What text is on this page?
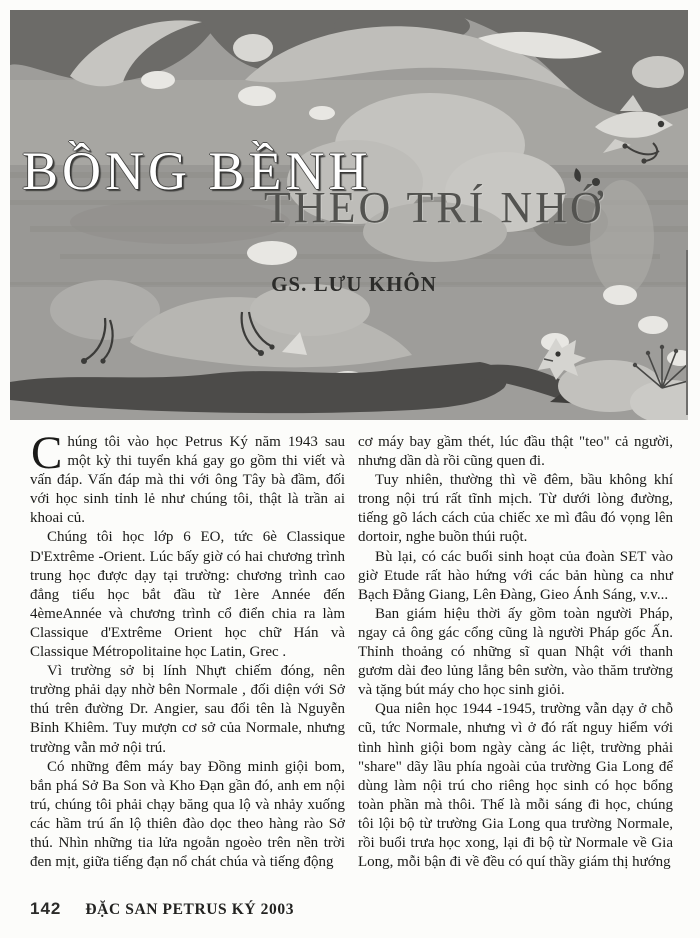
BỒNG BỀNH
THEO TRÍ NHỚ
GS. LƯU KHÔN

Chúng tôi vào học Petrus Ký năm 1943 sau một kỳ thi tuyển khá gay go gồm thi viết và vấn đáp. Vấn đáp mà thi với ông Tây bà đầm, đối với học sinh tỉnh lẻ như chúng tôi, thật là trần ai khoai củ.

Chúng tôi học lớp 6 EO, tức 6è Classique D'Extrême -Orient. Lúc bấy giờ có hai chương trình trung học được dạy tại trường: chương trình cao đẳng tiểu học bắt đầu từ 1ère Année đến 4èmeAnnée và chương trình cổ điển chia ra làm Classique d'Extrême Orient học chữ Hán và Classique Métropolitaine học Latin, Grec .

Vì trường sở bị lính Nhựt chiếm đóng, nên trường phải dạy nhờ bên Normale , đối diện với Sở thú trên đường Dr. Angier, sau đổi tên là Nguyễn Bỉnh Khiêm. Tuy mượn cơ sở của Normale, nhưng trường vẫn mở nội trú.

Có những đêm máy bay Đồng minh giội bom, bắn phá Sở Ba Son và Kho Đạn gần đó, anh em nội trú, chúng tôi phải chạy băng qua lộ và nhảy xuống các hầm trú ẩn lộ thiên đào dọc theo hàng rào Sở thú. Nhìn những tia lửa ngoằn ngoèo trên nền trời đen mịt, giữa tiếng đạn nổ chát chúa và tiếng động

cơ máy bay gầm thét, lúc đầu thật "teo" cả người, nhưng dần dà rồi cũng quen đi.

Tuy nhiên, thường thì về đêm, bầu không khí trong nội trú rất tĩnh mịch. Từ dưới lòng đường, tiếng gõ lách cách của chiếc xe mì đâu đó vọng lên dortoir, nghe buồn thúi ruột.

Bù lại, có các buổi sinh hoạt của đoàn SET vào giờ Etude rất hào hứng với các bản hùng ca như Bạch Đằng Giang, Lên Đàng, Gieo Ánh Sáng, v.v...

Ban giám hiệu thời ấy gồm toàn người Pháp, ngay cả ông gác cổng cũng là người Pháp gốc Ấn. Thỉnh thoảng có những sĩ quan Nhật với thanh gươm dài đeo lủng lẳng bên sườn, vào thăm trường và tặng bút máy cho học sinh giỏi.

Qua niên học 1944 -1945, trường vẫn dạy ở chỗ cũ, tức Normale, nhưng vì ở đó rất nguy hiểm với tình hình giội bom ngày càng ác liệt, trường phải "share" dãy lầu phía ngoài của trường Gia Long để dùng làm nội trú cho riêng học sinh có học bổng toàn phần mà thôi. Thế là mỗi sáng đi học, chúng tôi lội bộ từ trường Gia Long qua trường Normale, rồi buổi trưa học xong, lại đi bộ từ Normale về Gia Long, mỗi bận đi về đều có quí thầy giám thị hướng

142 ĐẶC SAN PETRUS KÝ 2003
